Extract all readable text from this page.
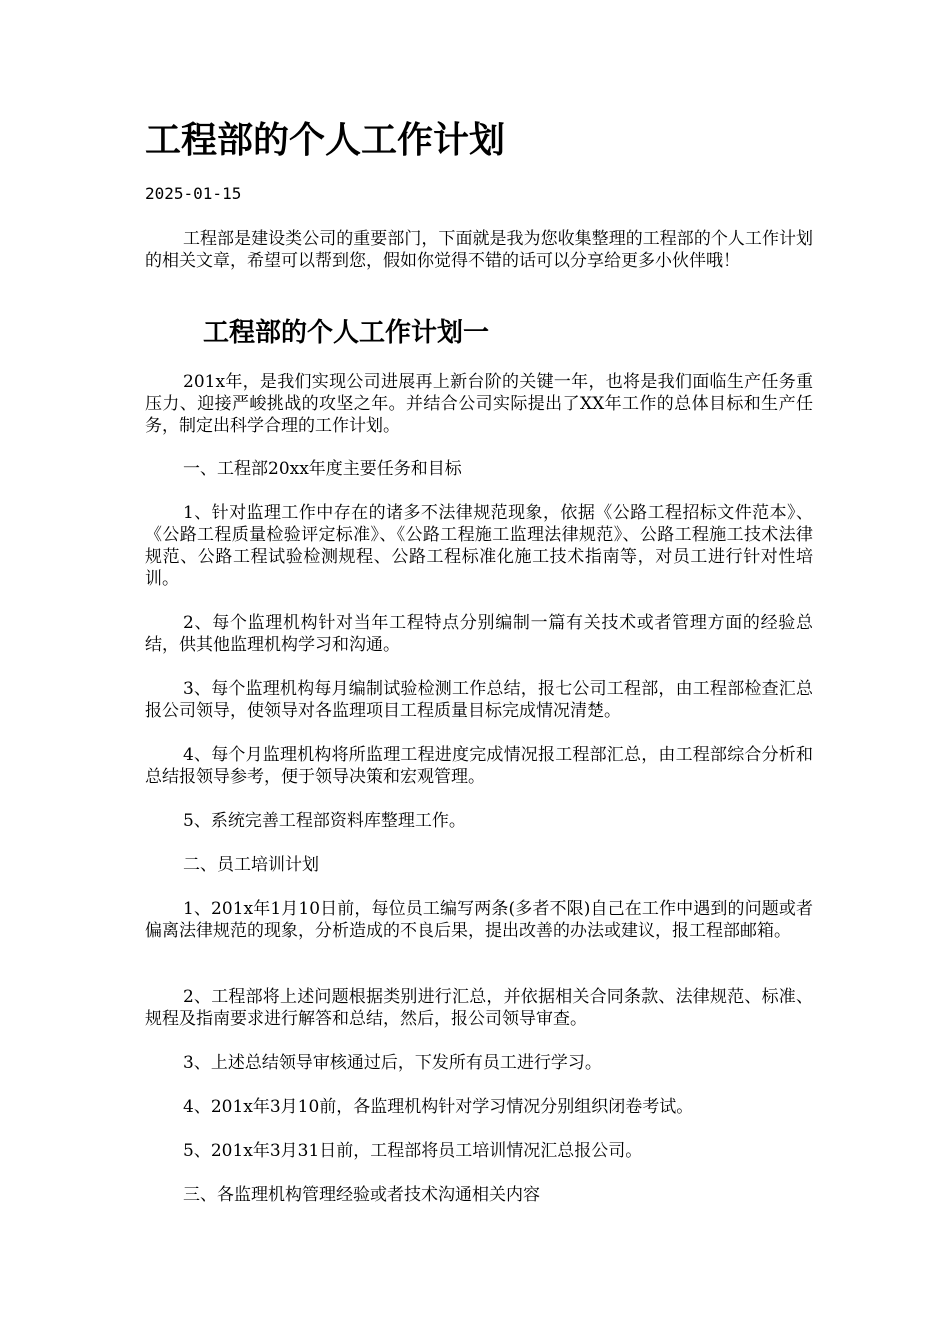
工程部的个人工作计划
2025-01-15

工程部是建设类公司的重要部门，下面就是我为您收集整理的工程部的个人工作计划的相关文章，希望可以帮到您，假如你觉得不错的话可以分享给更多小伙伴哦！

工程部的个人工作计划一

201x年，是我们实现公司进展再上新台阶的关键一年，也将是我们面临生产任务重压力、迎接严峻挑战的攻坚之年。并结合公司实际提出了XX年工作的总体目标和生产任务，制定出科学合理的工作计划。

一、工程部20xx年度主要任务和目标

1、针对监理工作中存在的诸多不法律规范现象，依据《公路工程招标文件范本》、《公路工程质量检验评定标准》、《公路工程施工监理法律规范》、公路工程施工技术法律规范、公路工程试验检测规程、公路工程标准化施工技术指南等，对员工进行针对性培训。

2、每个监理机构针对当年工程特点分别编制一篇有关技术或者管理方面的经验总结，供其他监理机构学习和沟通。

3、每个监理机构每月编制试验检测工作总结，报七公司工程部，由工程部检查汇总报公司领导，使领导对各监理项目工程质量目标完成情况清楚。

4、每个月监理机构将所监理工程进度完成情况报工程部汇总，由工程部综合分析和总结报领导参考，便于领导决策和宏观管理。

5、系统完善工程部资料库整理工作。

二、员工培训计划

1、201x年1月10日前，每位员工编写两条(多者不限)自己在工作中遇到的问题或者偏离法律规范的现象，分析造成的不良后果，提出改善的办法或建议，报工程部邮箱。

2、工程部将上述问题根据类别进行汇总，并依据相关合同条款、法律规范、标准、规程及指南要求进行解答和总结，然后，报公司领导审查。

3、上述总结领导审核通过后，下发所有员工进行学习。

4、201x年3月10前，各监理机构针对学习情况分别组织闭卷考试。

5、201x年3月31日前，工程部将员工培训情况汇总报公司。

三、各监理机构管理经验或者技术沟通相关内容
